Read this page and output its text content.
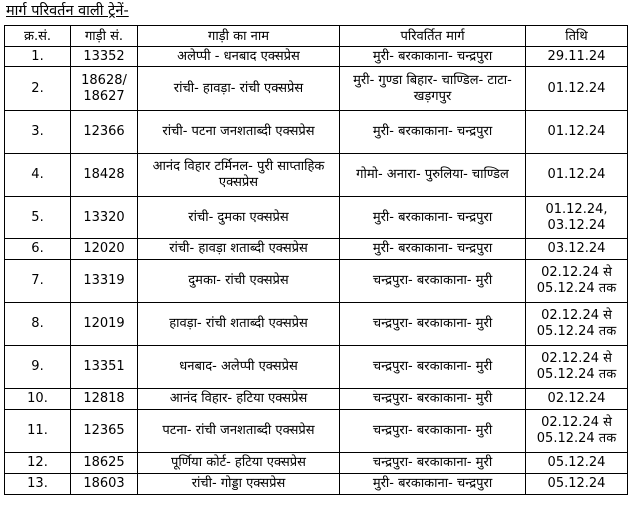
मार्ग परिवर्तन वाली ट्रेनें-
क्र.सं.	गाड़ी सं.	गाड़ी का नाम	परिवर्तित मार्ग	तिथि
1.	13352	अलेप्पी - धनबाद एक्सप्रेस	मुरी- बरकाकाना- चन्द्रपुरा	29.11.24
2.	18628/ 18627	रांची- हावड़ा- रांची एक्सप्रेस	मुरी- गुण्डा बिहार- चाण्डिल- टाटा- खड़गपुर	01.12.24
3.	12366	रांची- पटना जनशताब्दी एक्सप्रेस	मुरी- बरकाकाना- चन्द्रपुरा	01.12.24
4.	18428	आनंद विहार टर्मिनल- पुरी साप्ताहिक एक्सप्रेस	गोमो- अनारा- पुरुलिया- चाण्डिल	01.12.24
5.	13320	रांची- दुमका एक्सप्रेस	मुरी- बरकाकाना- चन्द्रपुरा	01.12.24, 03.12.24
6.	12020	रांची- हावड़ा शताब्दी एक्सप्रेस	मुरी- बरकाकाना- चन्द्रपुरा	03.12.24
7.	13319	दुमका- रांची एक्सप्रेस	चन्द्रपुरा- बरकाकाना- मुरी	02.12.24 से 05.12.24 तक
8.	12019	हावड़ा- रांची शताब्दी एक्सप्रेस	चन्द्रपुरा- बरकाकाना- मुरी	02.12.24 से 05.12.24 तक
9.	13351	धनबाद- अलेप्पी एक्सप्रेस	चन्द्रपुरा- बरकाकाना- मुरी	02.12.24 से 05.12.24 तक
10.	12818	आनंद विहार- हटिया एक्सप्रेस	चन्द्रपुरा- बरकाकाना- मुरी	02.12.24
11.	12365	पटना- रांची जनशताब्दी एक्सप्रेस	चन्द्रपुरा- बरकाकाना- मुरी	02.12.24 से 05.12.24 तक
12.	18625	पूर्णिया कोर्ट- हटिया एक्सप्रेस	चन्द्रपुरा- बरकाकाना- मुरी	05.12.24
13.	18603	रांची- गोड्डा एक्सप्रेस	मुरी- बरकाकाना- चन्द्रपुरा	05.12.24
